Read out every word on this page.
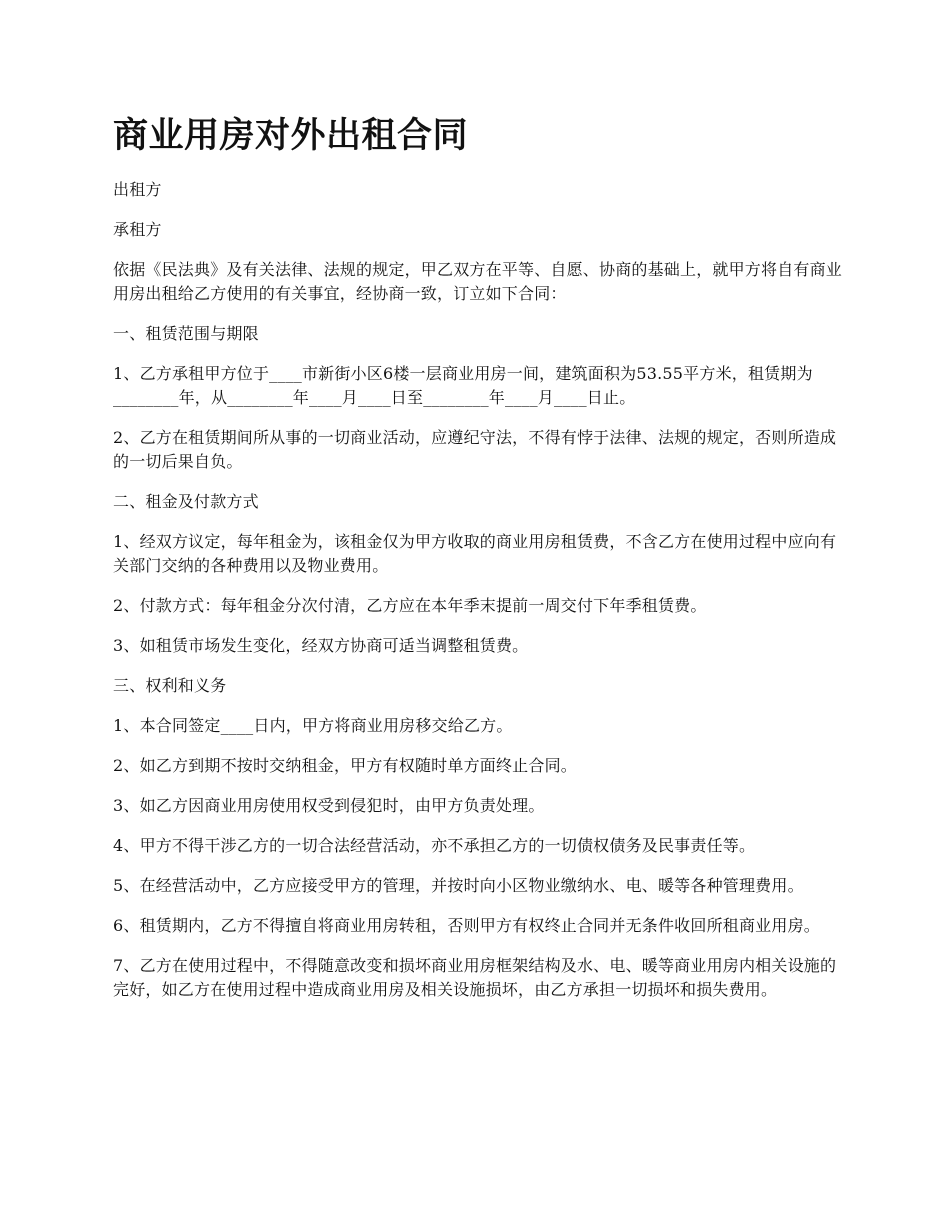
商业用房对外出租合同

出租方

承租方

依据《民法典》及有关法律、法规的规定，甲乙双方在平等、自愿、协商的基础上，就甲方将自有商业用房出租给乙方使用的有关事宜，经协商一致，订立如下合同：

一、租赁范围与期限

1、乙方承租甲方位于____市新街小区6楼一层商业用房一间，建筑面积为53.55平方米，租赁期为________年，从________年____月____日至________年____月____日止。

2、乙方在租赁期间所从事的一切商业活动，应遵纪守法，不得有悖于法律、法规的规定，否则所造成的一切后果自负。

二、租金及付款方式

1、经双方议定，每年租金为，该租金仅为甲方收取的商业用房租赁费，不含乙方在使用过程中应向有关部门交纳的各种费用以及物业费用。

2、付款方式：每年租金分次付清，乙方应在本年季末提前一周交付下年季租赁费。

3、如租赁市场发生变化，经双方协商可适当调整租赁费。

三、权利和义务

1、本合同签定____日内，甲方将商业用房移交给乙方。

2、如乙方到期不按时交纳租金，甲方有权随时单方面终止合同。

3、如乙方因商业用房使用权受到侵犯时，由甲方负责处理。

4、甲方不得干涉乙方的一切合法经营活动，亦不承担乙方的一切债权债务及民事责任等。

5、在经营活动中，乙方应接受甲方的管理，并按时向小区物业缴纳水、电、暖等各种管理费用。

6、租赁期内，乙方不得擅自将商业用房转租，否则甲方有权终止合同并无条件收回所租商业用房。

7、乙方在使用过程中，不得随意改变和损坏商业用房框架结构及水、电、暖等商业用房内相关设施的完好，如乙方在使用过程中造成商业用房及相关设施损坏，由乙方承担一切损坏和损失费用。
